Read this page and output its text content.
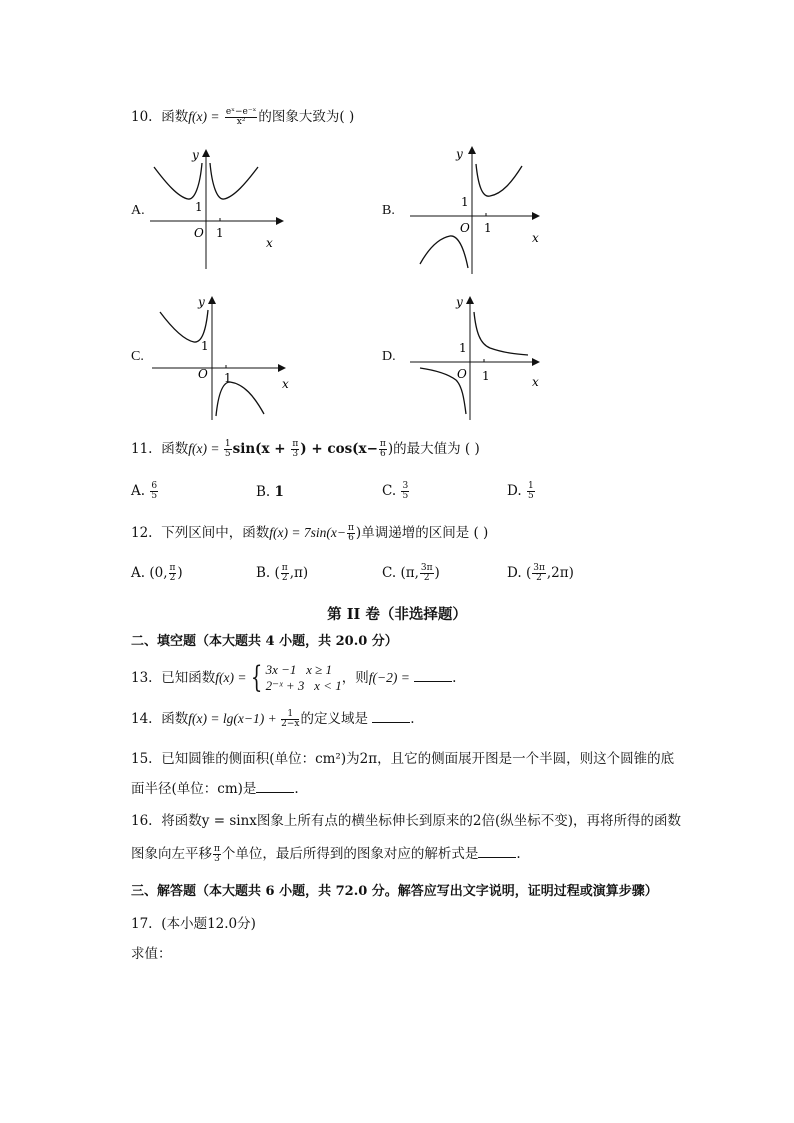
10. 函数$f(x) = \frac{\text{eˣ−e⁻ˣ}}{\text{x²}}$ 的图象大致为( )
A.
y
x
O 1
1	B.
y
x
O 1
1
C.
y
x
O 1
1
D.
y
x
O 1
1
11. 函数$f(x) = \frac{1}{5} \sin(x + \frac{\pi}{3}$ ) + $\cos(x- \frac{\pi}{6}$ )的最大值为 ( )
A. $\frac{6}{5}$	B. 1	C. $\frac{3}{5}$	D. $\frac{1}{5}$
12. 下列区间中，函数$f(x) = 7\sin(x- \frac{\pi}{6}$ )单调递增的区间是 ( )
A. (0, $\frac{\pi}{2}$ )	B. ( $\frac{\pi}{2} ,\pi$)	C. (π, $\frac{3\pi}{2}$ )	D. ( $\frac{3\pi}{2} ,2\pi$)
第 II 卷（非选择题）
二、填空题（本大题共 4 小题，共 20.0 分）
13. 已知函数f(x) = { 3x −1 x ≥ 1
2⁻ˣ + 3 x < 1 ，则f(−2) =	.
14. 函数$f(x) = \lg(x-1) + \frac{1}{2-x}$ 的定义域是	.
15. 已知圆锥的侧面积(单位：cm²)为2π，且它的侧面展开图是一个半圆，则这个圆锥的底
面半径(单位：cm)是	.
16. 将函数y = sinx图象上所有点的横坐标伸长到原来的2倍(纵坐标不变)，再将所得的函数
图象向左平移 $\frac{\pi}{3}$ 个单位，最后所得到的图象对应的解析式是	.
三、解答题（本大题共 6 小题，共 72.0 分。解答应写出文字说明，证明过程或演算步骤）
17. (本小题12.0分)
求值：
